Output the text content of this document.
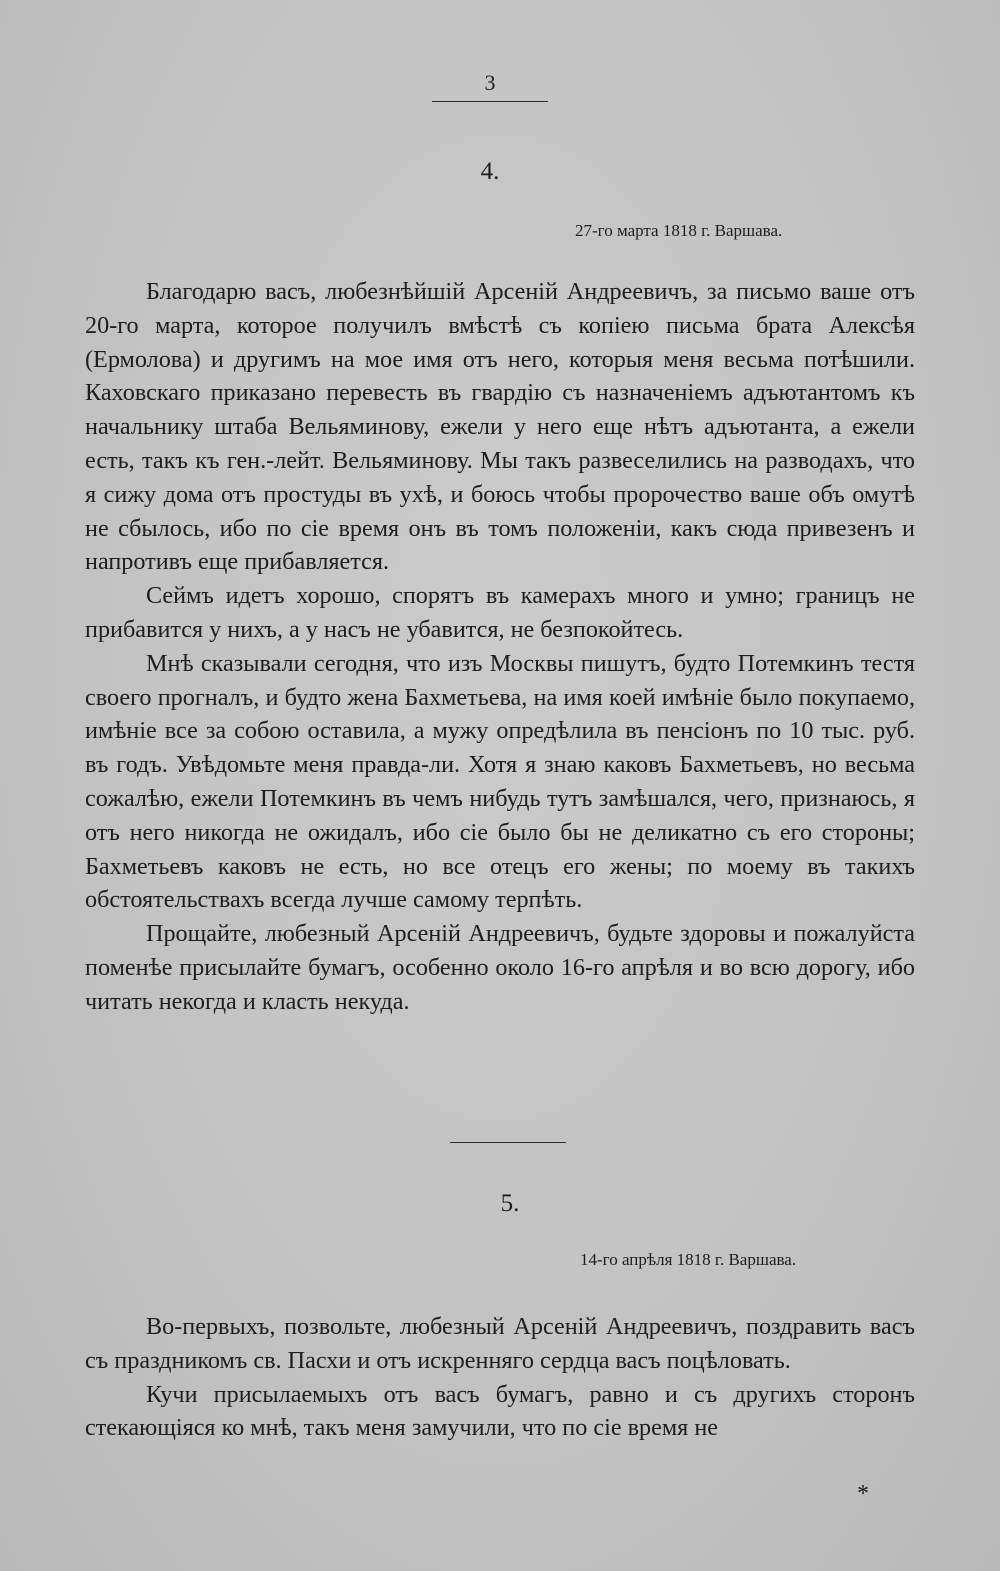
3
4.
27-го марта 1818 г. Варшава.

Благодарю васъ, любезнѣйшій Арсеній Андреевичъ, за письмо ваше отъ 20-го марта, которое получилъ вмѣстѣ съ копіею письма брата Алексѣя (Ермолова) и другимъ на мое имя отъ него, которыя меня весьма потѣшили. Каховскаго приказано перевесть въ гвардію съ назначеніемъ адъютантомъ къ начальнику штаба Вельяминову, ежели у него еще нѣтъ адъютанта, а ежели есть, такъ къ ген.-лейт. Вельяминову. Мы такъ развеселились на разводахъ, что я сижу дома отъ простуды въ ухѣ, и боюсь чтобы пророчество ваше объ омутѣ не сбылось, ибо по сіе время онъ въ томъ положеніи, какъ сюда привезенъ и напротивъ еще прибавляется.

Сеймъ идетъ хорошо, спорятъ въ камерахъ много и умно; границъ не прибавится у нихъ, а у насъ не убавится, не безпокойтесь.

Мнѣ сказывали сегодня, что изъ Москвы пишутъ, будто Потемкинъ тестя своего прогналъ, и будто жена Бахметьева, на имя коей имѣніе было покупаемо, имѣніе все за собою оставила, а мужу опредѣлила въ пенсіонъ по 10 тыс. руб. въ годъ. Увѣдомьте меня правда-ли. Хотя я знаю каковъ Бахметьевъ, но весьма сожалѣю, ежели Потемкинъ въ чемъ нибудь тутъ замѣшался, чего, признаюсь, я отъ него никогда не ожидалъ, ибо сіе было бы не деликатно съ его стороны; Бахметьевъ каковъ не есть, но все отецъ его жены; по моему въ такихъ обстоятельствахъ всегда лучше самому терпѣть.

Прощайте, любезный Арсеній Андреевичъ, будьте здоровы и пожалуйста поменѣе присылайте бумагъ, особенно около 16-го апрѣля и во всю дорогу, ибо читать некогда и класть некуда.

5.
14-го апрѣля 1818 г. Варшава.

Во-первыхъ, позвольте, любезный Арсеній Андреевичъ, поздравить васъ съ праздникомъ св. Пасхи и отъ искренняго сердца васъ поцѣловать.

Кучи присылаемыхъ отъ васъ бумагъ, равно и съ другихъ сторонъ стекающіяся ко мнѣ, такъ меня замучили, что по сіе время не

*
